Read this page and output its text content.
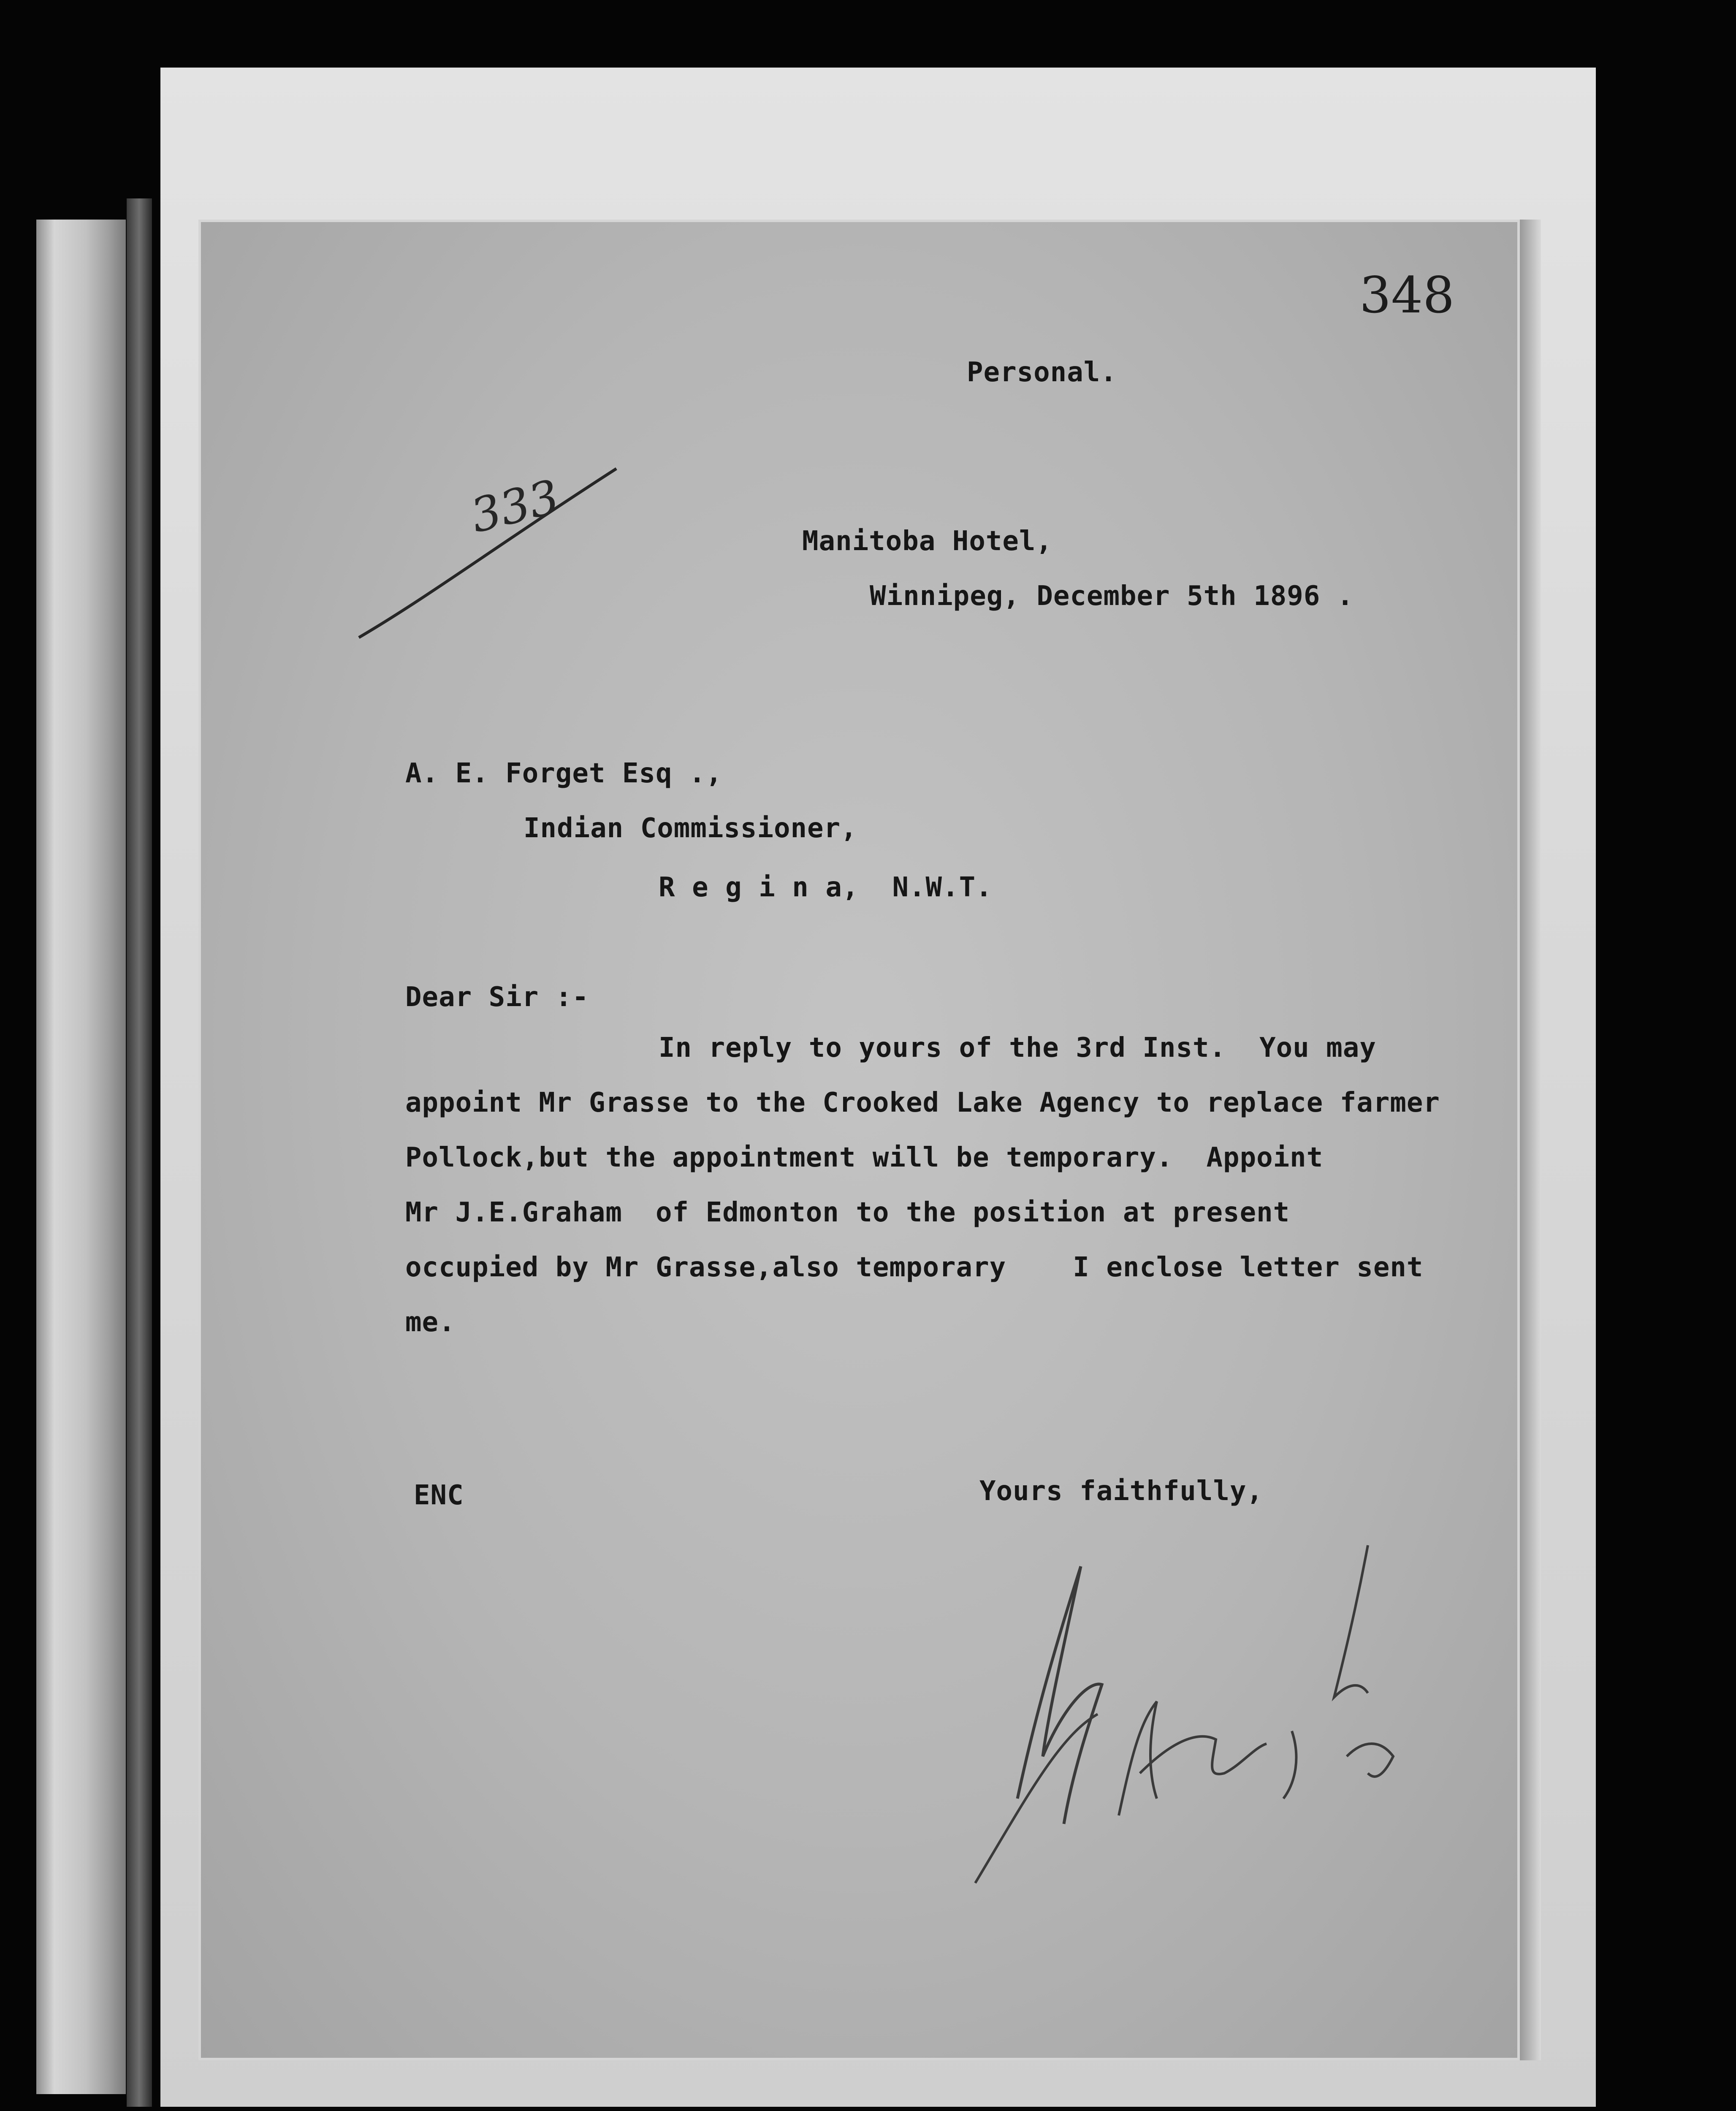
348
Personal.
333	Manitoba Hotel,
Winnipeg, December 5th 1896 .
A. E. Forget Esq .,
Indian Commissioner,
R e g i n a,  N.W.T.
Dear Sir :-
In reply to yours of the 3rd Inst.  You may
appoint Mr Grasse to the Crooked Lake Agency to replace farmer
Pollock,but the appointment will be temporary.  Appoint
Mr J.E.Graham  of Edmonton to the position at present
occupied by Mr Grasse,also temporary    I enclose letter sent
me.
ENC	Yours faithfully,
